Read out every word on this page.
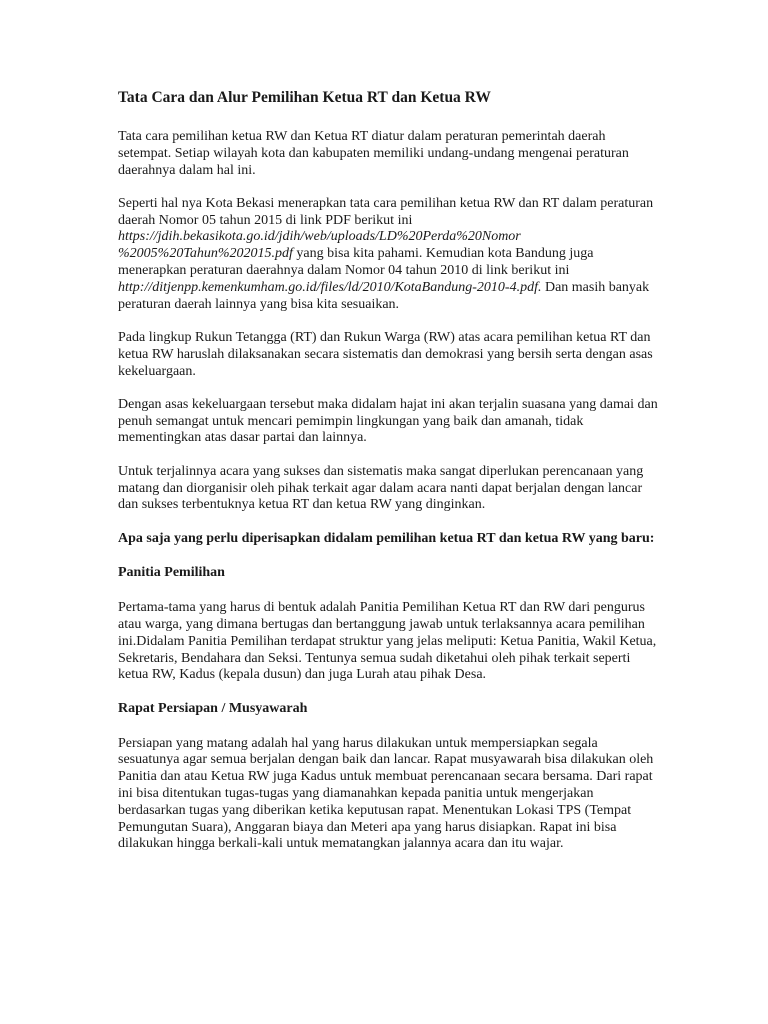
Tata Cara dan Alur Pemilihan Ketua RT dan Ketua RW

Tata cara pemilihan ketua RW dan Ketua RT diatur dalam peraturan pemerintah daerah setempat. Setiap wilayah kota dan kabupaten memiliki undang-undang mengenai peraturan daerahnya dalam hal ini.

Seperti hal nya Kota Bekasi menerapkan tata cara pemilihan ketua RW dan RT dalam peraturan daerah Nomor 05 tahun 2015 di link PDF berikut ini
https://jdih.bekasikota.go.id/jdih/web/uploads/LD%20Perda%20Nomor
%2005%20Tahun%202015.pdf yang bisa kita pahami. Kemudian kota Bandung juga menerapkan peraturan daerahnya dalam Nomor 04 tahun 2010 di link berikut ini http://ditjenpp.kemenkumham.go.id/files/ld/2010/KotaBandung-2010-4.pdf. Dan masih banyak peraturan daerah lainnya yang bisa kita sesuaikan.

Pada lingkup Rukun Tetangga (RT) dan Rukun Warga (RW) atas acara pemilihan ketua RT dan ketua RW haruslah dilaksanakan secara sistematis dan demokrasi yang bersih serta dengan asas kekeluargaan.

Dengan asas kekeluargaan tersebut maka didalam hajat ini akan terjalin suasana yang damai dan penuh semangat untuk mencari pemimpin lingkungan yang baik dan amanah, tidak mementingkan atas dasar partai dan lainnya.

Untuk terjalinnya acara yang sukses dan sistematis maka sangat diperlukan perencanaan yang matang dan diorganisir oleh pihak terkait agar dalam acara nanti dapat berjalan dengan lancar dan sukses terbentuknya ketua RT dan ketua RW yang dinginkan.

Apa saja yang perlu diperisapkan didalam pemilihan ketua RT dan ketua RW yang baru:
Panitia Pemilihan

Pertama-tama yang harus di bentuk adalah Panitia Pemilihan Ketua RT dan RW dari pengurus atau warga, yang dimana bertugas dan bertanggung jawab untuk terlaksannya acara pemilihan ini.Didalam Panitia Pemilihan terdapat struktur yang jelas meliputi: Ketua Panitia, Wakil Ketua, Sekretaris, Bendahara dan Seksi. Tentunya semua sudah diketahui oleh pihak terkait seperti ketua RW, Kadus (kepala dusun) dan juga Lurah atau pihak Desa.

Rapat Persiapan / Musyawarah

Persiapan yang matang adalah hal yang harus dilakukan untuk mempersiapkan segala sesuatunya agar semua berjalan dengan baik dan lancar. Rapat musyawarah bisa dilakukan oleh Panitia dan atau Ketua RW juga Kadus untuk membuat perencanaan secara bersama. Dari rapat ini bisa ditentukan tugas-tugas yang diamanahkan kepada panitia untuk mengerjakan berdasarkan tugas yang diberikan ketika keputusan rapat. Menentukan Lokasi TPS (Tempat Pemungutan Suara), Anggaran biaya dan Meteri apa yang harus disiapkan. Rapat ini bisa dilakukan hingga berkali-kali untuk mematangkan jalannya acara dan itu wajar.
